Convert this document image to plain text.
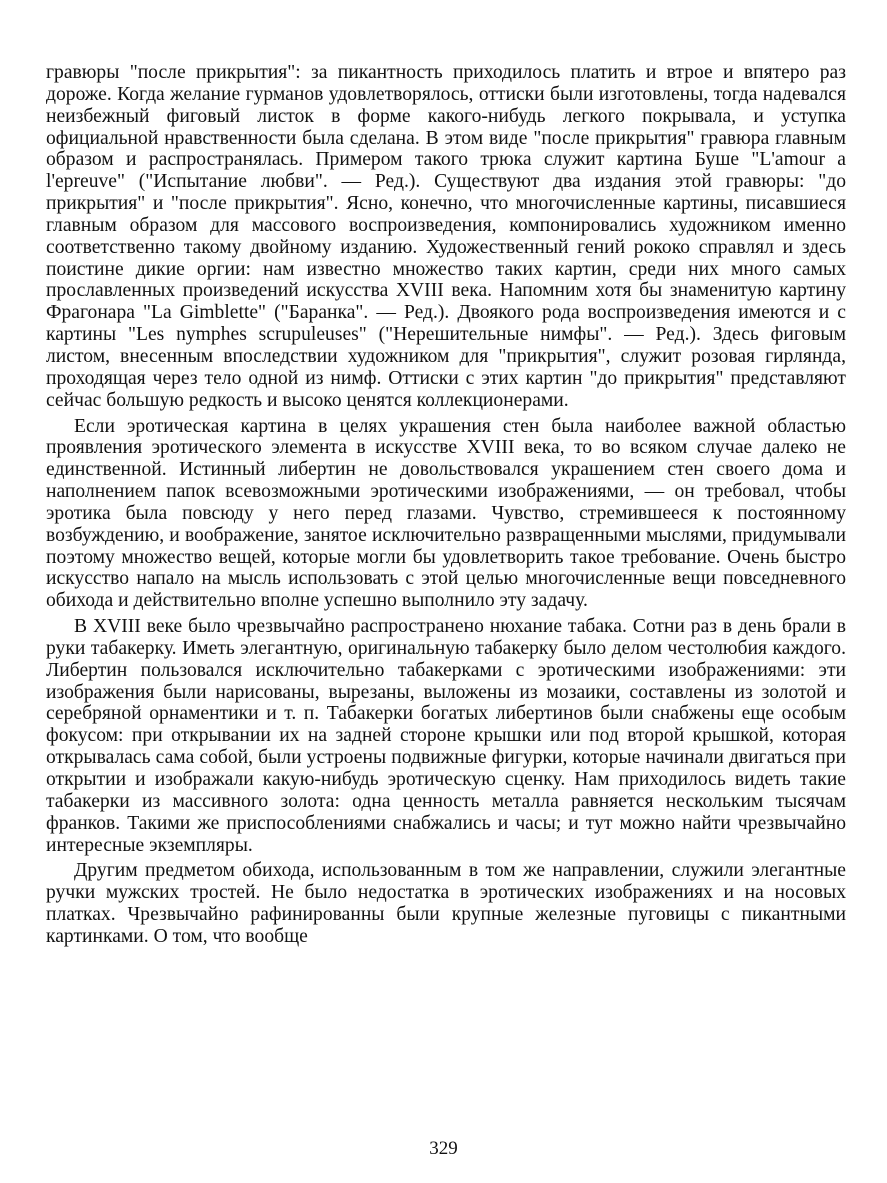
гравюры "после прикрытия": за пикантность приходилось платить и втрое и впятеро раз дороже. Когда желание гурманов удовлетворялось, оттиски были изготовлены, тогда надевался неизбежный фиговый листок в форме какого-нибудь легкого покрывала, и уступка официальной нравственности была сделана. В этом виде "после прикрытия" гравюра главным образом и распространялась. Примером такого трюка служит картина Буше "L'amour a l'epreuve" ("Испытание любви". — Ред.). Существуют два издания этой гравюры: "до прикрытия" и "после прикрытия". Ясно, конечно, что многочисленные картины, писавшиеся главным образом для массового воспроизведения, компонировались художником именно соответственно такому двойному изданию. Художественный гений рококо справлял и здесь поистине дикие оргии: нам известно множество таких картин, среди них много самых прославленных произведений искусства XVIII века. Напомним хотя бы знаменитую картину Фрагонара "La Gimblette" ("Баранка". — Ред.). Двоякого рода воспроизведения имеются и с картины "Les nymphes scrupuleuses" ("Нерешительные нимфы". — Ред.). Здесь фиговым листом, внесенным впоследствии художником для "прикрытия", служит розовая гирлянда, проходящая через тело одной из нимф. Оттиски с этих картин "до прикрытия" представляют сейчас большую редкость и высоко ценятся коллекционерами.

Если эротическая картина в целях украшения стен была наиболее важной областью проявления эротического элемента в искусстве XVIII века, то во всяком случае далеко не единственной. Истинный либертин не довольствовался украшением стен своего дома и наполнением папок всевозможными эротическими изображениями, — он требовал, чтобы эротика была повсюду у него перед глазами. Чувство, стремившееся к постоянному возбуждению, и воображение, занятое исключительно развращенными мыслями, придумывали поэтому множество вещей, которые могли бы удовлетворить такое требование. Очень быстро искусство напало на мысль использовать с этой целью многочисленные вещи повседневного обихода и действительно вполне успешно выполнило эту задачу.

В XVIII веке было чрезвычайно распространено нюхание табака. Сотни раз в день брали в руки табакерку. Иметь элегантную, оригинальную табакерку было делом честолюбия каждого. Либертин пользовался исключительно табакерками с эротическими изображениями: эти изображения были нарисованы, вырезаны, выложены из мозаики, составлены из золотой и серебряной орнаментики и т. п. Табакерки богатых либертинов были снабжены еще особым фокусом: при открывании их на задней стороне крышки или под второй крышкой, которая открывалась сама собой, были устроены подвижные фигурки, которые начинали двигаться при открытии и изображали какую-нибудь эротическую сценку. Нам приходилось видеть такие табакерки из массивного золота: одна ценность металла равняется нескольким тысячам франков. Такими же приспособлениями снабжались и часы; и тут можно найти чрезвычайно интересные экземпляры.

Другим предметом обихода, использованным в том же направлении, служили элегантные ручки мужских тростей. Не было недостатка в эротических изображениях и на носовых платках. Чрезвычайно рафинированны были крупные железные пуговицы с пикантными картинками. О том, что вообще

329
